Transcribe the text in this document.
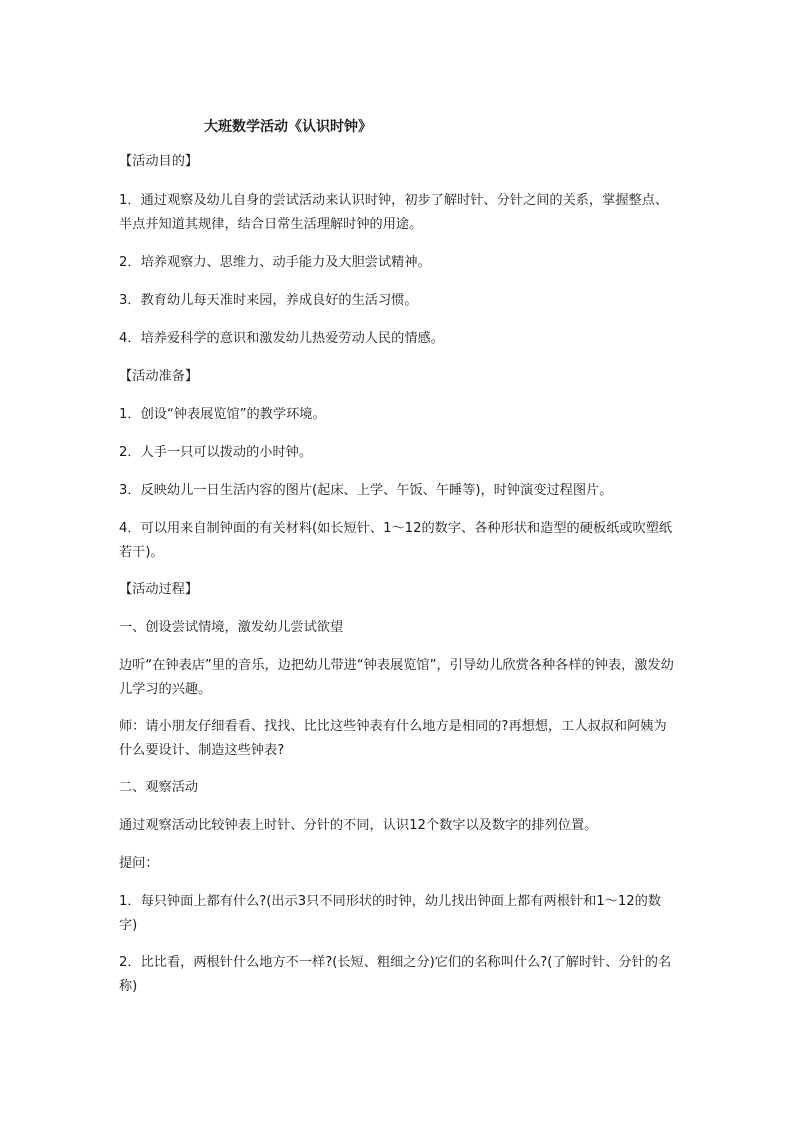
大班数学活动《认识时钟》
【活动目的】
1．通过观察及幼儿自身的尝试活动来认识时钟，初步了解时针、分针之间的关系，掌握整点、半点并知道其规律，结合日常生活理解时钟的用途。
2．培养观察力、思维力、动手能力及大胆尝试精神。
3．教育幼儿每天准时来园，养成良好的生活习惯。
4．培养爱科学的意识和激发幼儿热爱劳动人民的情感。
【活动准备】
1．创设“钟表展览馆”的教学环境。
2．人手一只可以拨动的小时钟。
3．反映幼儿一日生活内容的图片(起床、上学、午饭、午睡等)，时钟演变过程图片。
4．可以用来自制钟面的有关材料(如长短针、1～12的数字、各种形状和造型的硬板纸或吹塑纸若干)。
【活动过程】
一、创设尝试情境，激发幼儿尝试欲望
边听“在钟表店”里的音乐，边把幼儿带进“钟表展览馆”，引导幼儿欣赏各种各样的钟表，激发幼儿学习的兴趣。
师：请小朋友仔细看看、找找、比比这些钟表有什么地方是相同的?再想想，工人叔叔和阿姨为什么要设计、制造这些钟表?
二、观察活动
通过观察活动比较钟表上时针、分针的不同，认识12个数字以及数字的排列位置。
提问：
1．每只钟面上都有什么?(出示3只不同形状的时钟，幼儿找出钟面上都有两根针和1～12的数字)
2．比比看，两根针什么地方不一样?(长短、粗细之分)它们的名称叫什么?(了解时针、分针的名称)
